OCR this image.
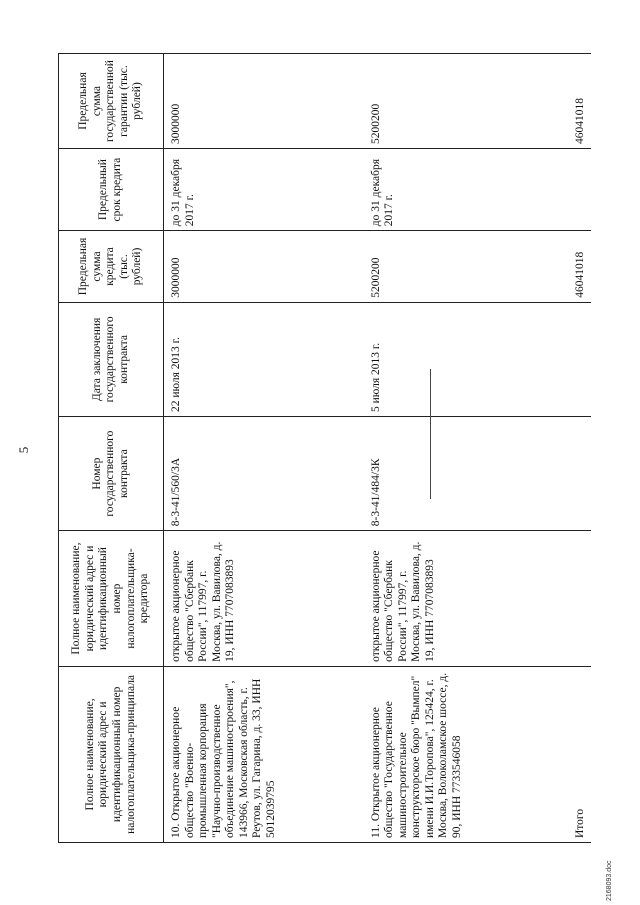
5
Полное наименование, юридический адрес и идентификационный номер налогоплательщика-принципала	Полное наименование, юридический адрес и идентификационный номер налогоплательщика-кредитора	Номер государственного контракта	Дата заключения государственного контракта	Предельная сумма кредита (тыс. рублей)	Предельный срок кредита	Предельная сумма государственной гарантии (тыс. рублей)
10. Открытое акционерное общество "Военно-промышленная корпорация "Научно-производственное объединение машиностроения", 143966, Московская область, г. Реутов, ул. Гагарина, д. 33, ИНН 5012039795	открытое акционерное общество "Сбербанк России", 117997, г. Москва, ул. Вавилова, д. 19, ИНН 7707083893	8-3-41/560/3А	22 июля 2013 г.	3000000	до 31 декабря 2017 г.	3000000
11. Открытое акционерное общество "Государственное машиностроительное конструкторское бюро "Вымпел" имени И.И.Торопова", 125424, г. Москва, Волоколамское шоссе, д. 90, ИНН 7733546058	открытое акционерное общество "Сбербанк России", 117997, г. Москва, ул. Вавилова, д. 19, ИНН 7707083893	8-3-41/484/3К	5 июля 2013 г.	5200200	до 31 декабря 2017 г.	5200200
Итого				46041018		46041018
2168093.doc
